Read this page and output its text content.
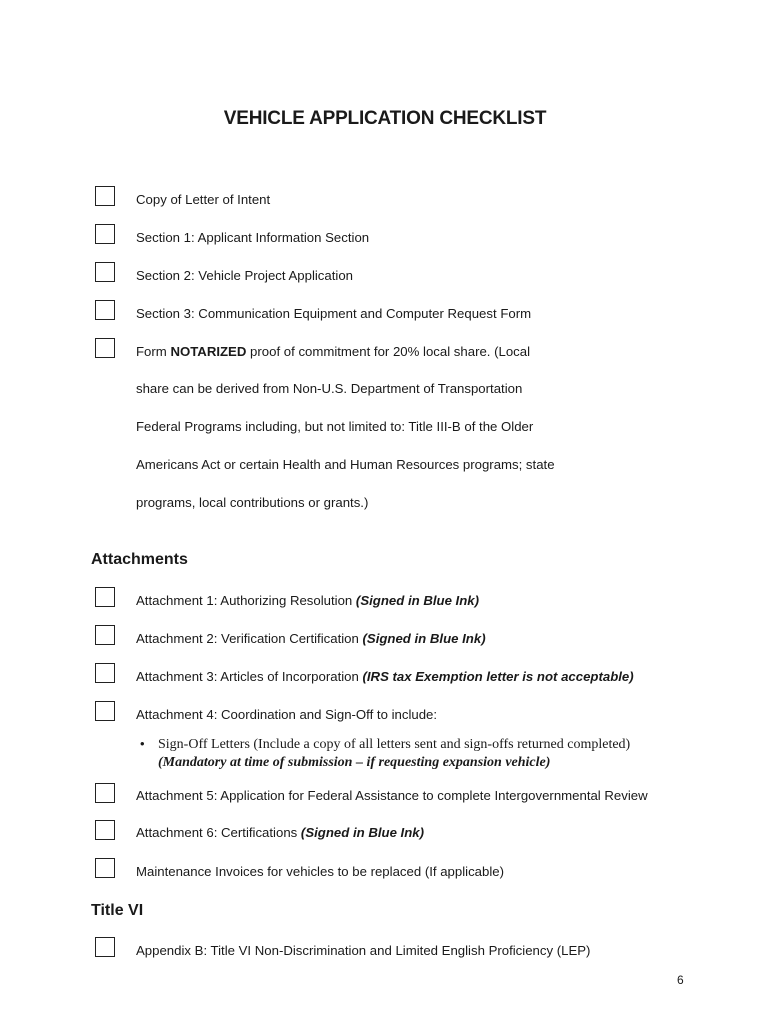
VEHICLE APPLICATION CHECKLIST
Copy of Letter of Intent
Section 1: Applicant Information Section
Section 2: Vehicle Project Application
Section 3: Communication Equipment and Computer Request Form
Form NOTARIZED proof of commitment for 20% local share. (Local
share can be derived from Non-U.S. Department of Transportation
Federal Programs including, but not limited to: Title III-B of the Older
Americans Act or certain Health and Human Resources programs; state
programs, local contributions or grants.)
Attachments
Attachment 1: Authorizing Resolution (Signed in Blue Ink)
Attachment 2: Verification Certification (Signed in Blue Ink)
Attachment 3: Articles of Incorporation (IRS tax Exemption letter is not acceptable)
Attachment 4: Coordination and Sign-Off to include:
• Sign-Off Letters (Include a copy of all letters sent and sign-offs returned completed)
(Mandatory at time of submission – if requesting expansion vehicle)
Attachment 5: Application for Federal Assistance to complete Intergovernmental Review
Attachment 6: Certifications (Signed in Blue Ink)
Maintenance Invoices for vehicles to be replaced (If applicable)
Title VI
Appendix B: Title VI Non-Discrimination and Limited English Proficiency (LEP)
6
